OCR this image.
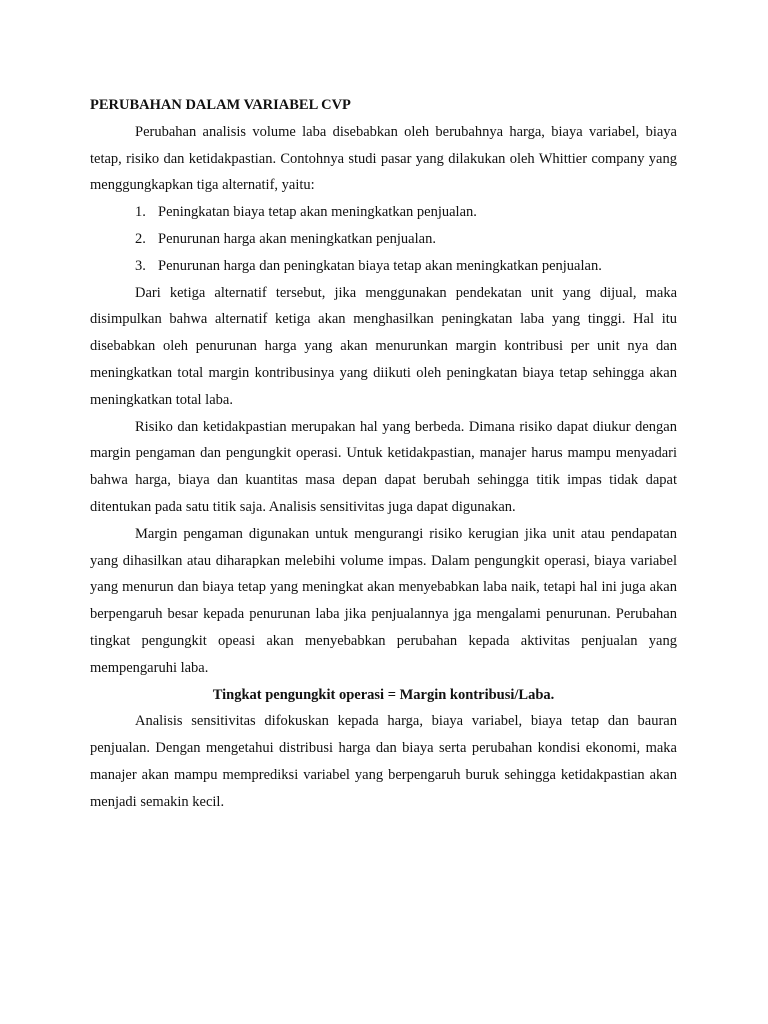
PERUBAHAN DALAM VARIABEL CVP

Perubahan analisis volume laba disebabkan oleh berubahnya harga, biaya variabel, biaya tetap, risiko dan ketidakpastian. Contohnya studi pasar yang dilakukan oleh Whittier company yang menggungkapkan tiga alternatif, yaitu:

1. Peningkatan biaya tetap akan meningkatkan penjualan.
2. Penurunan harga akan meningkatkan penjualan.
3. Penurunan harga dan peningkatan biaya tetap akan meningkatkan penjualan.

Dari ketiga alternatif tersebut, jika menggunakan pendekatan unit yang dijual, maka disimpulkan bahwa alternatif ketiga akan menghasilkan peningkatan laba yang tinggi. Hal itu disebabkan oleh penurunan harga yang akan menurunkan margin kontribusi per unit nya dan meningkatkan total margin kontribusinya yang diikuti oleh peningkatan biaya tetap sehingga akan meningkatkan total laba.

Risiko dan ketidakpastian merupakan hal yang berbeda. Dimana risiko dapat diukur dengan margin pengaman dan pengungkit operasi. Untuk ketidakpastian, manajer harus mampu menyadari bahwa harga, biaya dan kuantitas masa depan dapat berubah sehingga titik impas tidak dapat ditentukan pada satu titik saja. Analisis sensitivitas juga dapat digunakan.

Margin pengaman digunakan untuk mengurangi risiko kerugian jika unit atau pendapatan yang dihasilkan atau diharapkan melebihi volume impas. Dalam pengungkit operasi, biaya variabel yang menurun dan biaya tetap yang meningkat akan menyebabkan laba naik, tetapi hal ini juga akan berpengaruh besar kepada penurunan laba jika penjualannya jga mengalami penurunan. Perubahan tingkat pengungkit opeasi akan menyebabkan perubahan kepada aktivitas penjualan yang mempengaruhi laba.

Tingkat pengungkit operasi = Margin kontribusi/Laba.

Analisis sensitivitas difokuskan kepada harga, biaya variabel, biaya tetap dan bauran penjualan. Dengan mengetahui distribusi harga dan biaya serta perubahan kondisi ekonomi, maka manajer akan mampu memprediksi variabel yang berpengaruh buruk sehingga ketidakpastian akan menjadi semakin kecil.
